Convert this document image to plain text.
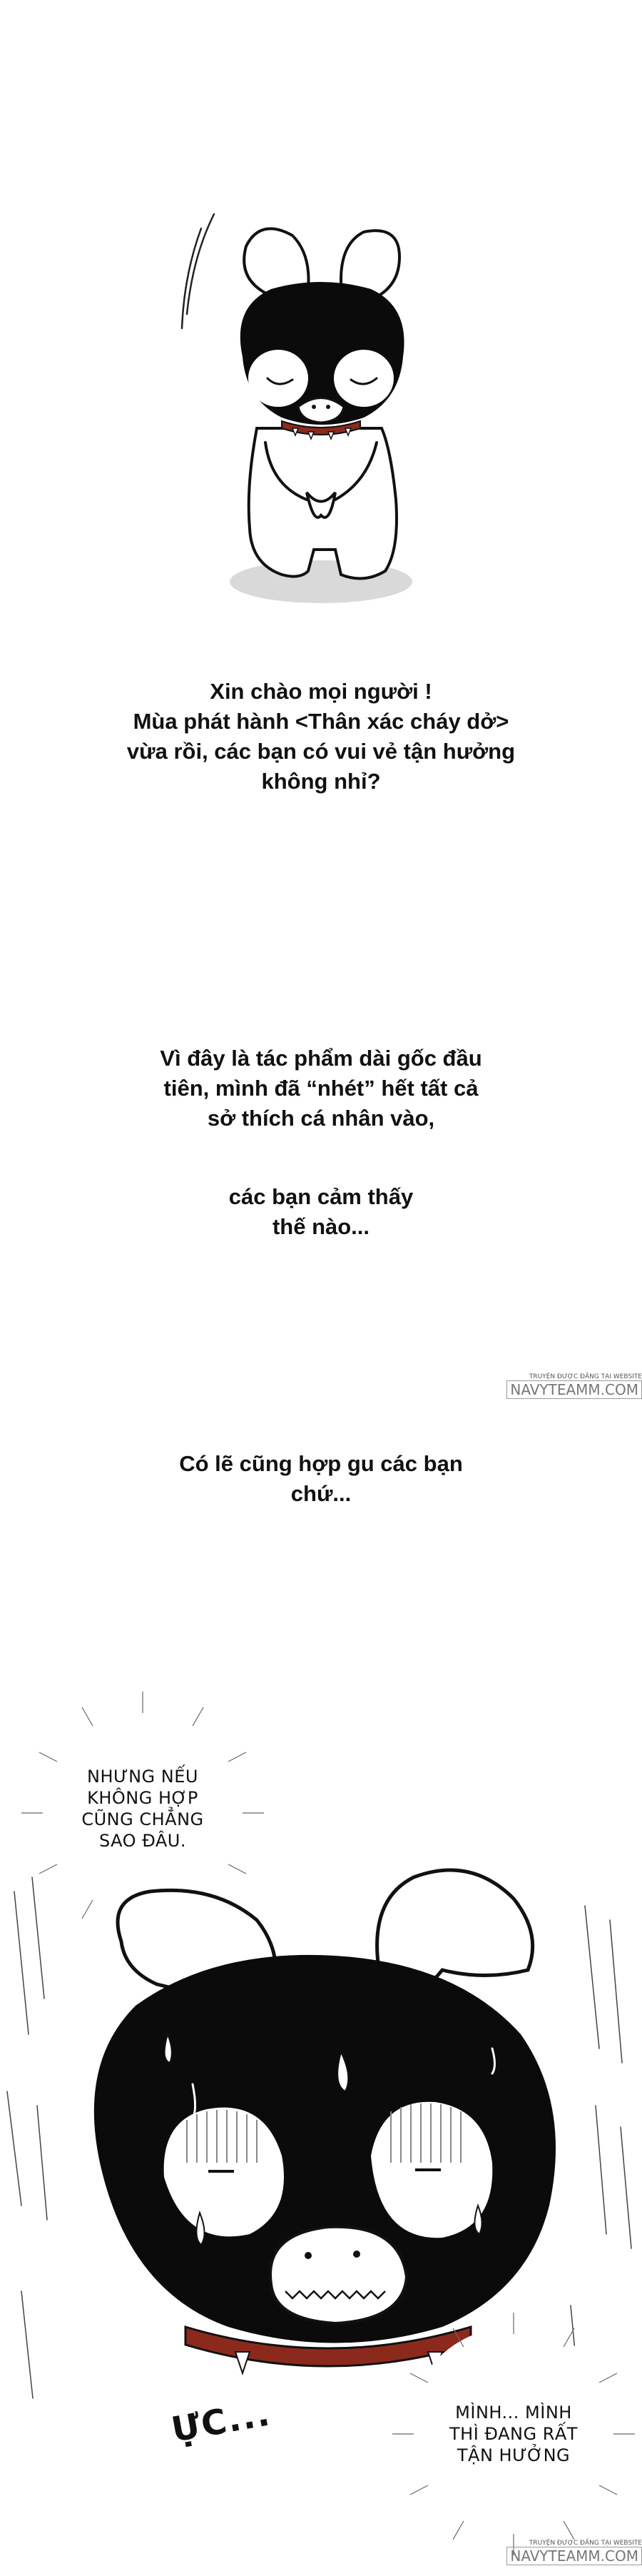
Xin chào mọi người !
Mùa phát hành <Thân xác cháy dở>
vừa rồi, các bạn có vui vẻ tận hưởng
không nhỉ?
Vì đây là tác phẩm dài gốc đầu
tiên, mình đã “nhét” hết tất cả
sở thích cá nhân vào,
các bạn cảm thấy
thế nào...
TRUYỆN ĐƯỢC ĐĂNG TẠI WEBSITE
NAVYTEAMM.COM
Có lẽ cũng hợp gu các bạn
chứ...
NHƯNG NẾU
KHÔNG HỢP
CŨNG CHẲNG
SAO ĐÂU.
MÌNH... MÌNH
THÌ ĐANG RẤT
TẬN HƯỞNG
ỰC...
TRUYỆN ĐƯỢC ĐĂNG TẠI WEBSITE
NAVYTEAMM.COM
